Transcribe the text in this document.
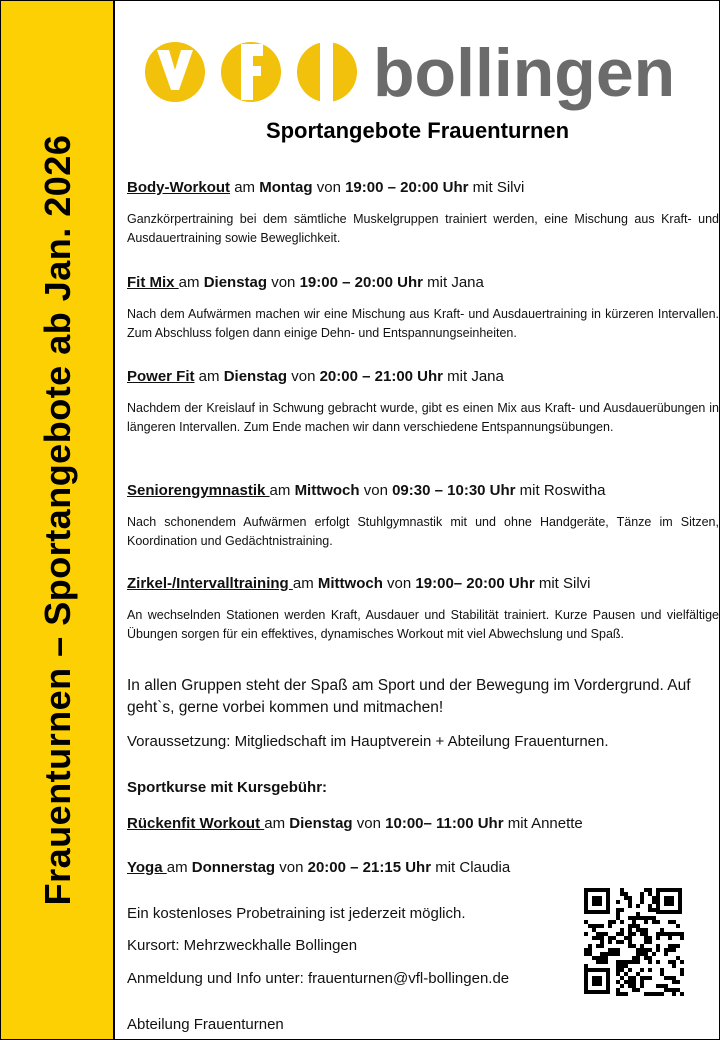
Frauenturnen – Sportangebote ab Jan. 2026
bollingen
Sportangebote Frauenturnen
Body-Workout am Montag von 19:00 – 20:00 Uhr mit Silvi
Ganzkörpertraining bei dem sämtliche Muskelgruppen trainiert werden, eine Mischung aus Kraft- und Ausdauertraining sowie Beweglichkeit.
Fit Mix am Dienstag von 19:00 – 20:00 Uhr mit Jana
Nach dem Aufwärmen machen wir eine Mischung aus Kraft- und Ausdauertraining in kürzeren Intervallen. Zum Abschluss folgen dann einige Dehn- und Entspannungseinheiten.
Power Fit am Dienstag von 20:00 – 21:00 Uhr mit Jana
Nachdem der Kreislauf in Schwung gebracht wurde, gibt es einen Mix aus Kraft- und Ausdauerübungen in längeren Intervallen. Zum Ende machen wir dann verschiedene Entspannungsübungen.
Seniorengymnastik am Mittwoch von 09:30 – 10:30 Uhr mit Roswitha
Nach schonendem Aufwärmen erfolgt Stuhlgymnastik mit und ohne Handgeräte, Tänze im Sitzen, Koordination und Gedächtnistraining.
Zirkel-/Intervalltraining am Mittwoch von 19:00– 20:00 Uhr mit Silvi
An wechselnden Stationen werden Kraft, Ausdauer und Stabilität trainiert. Kurze Pausen und vielfältige Übungen sorgen für ein effektives, dynamisches Workout mit viel Abwechslung und Spaß.
In allen Gruppen steht der Spaß am Sport und der Bewegung im Vordergrund. Auf geht`s, gerne vorbei kommen und mitmachen!
Voraussetzung: Mitgliedschaft im Hauptverein + Abteilung Frauenturnen.
Sportkurse mit Kursgebühr:
Rückenfit Workout am Dienstag von 10:00– 11:00 Uhr mit Annette
Yoga am Donnerstag von 20:00 – 21:15 Uhr mit Claudia
Ein kostenloses Probetraining ist jederzeit möglich.
Kursort: Mehrzweckhalle Bollingen
Anmeldung und Info unter: frauenturnen@vfl-bollingen.de
Abteilung Frauenturnen
